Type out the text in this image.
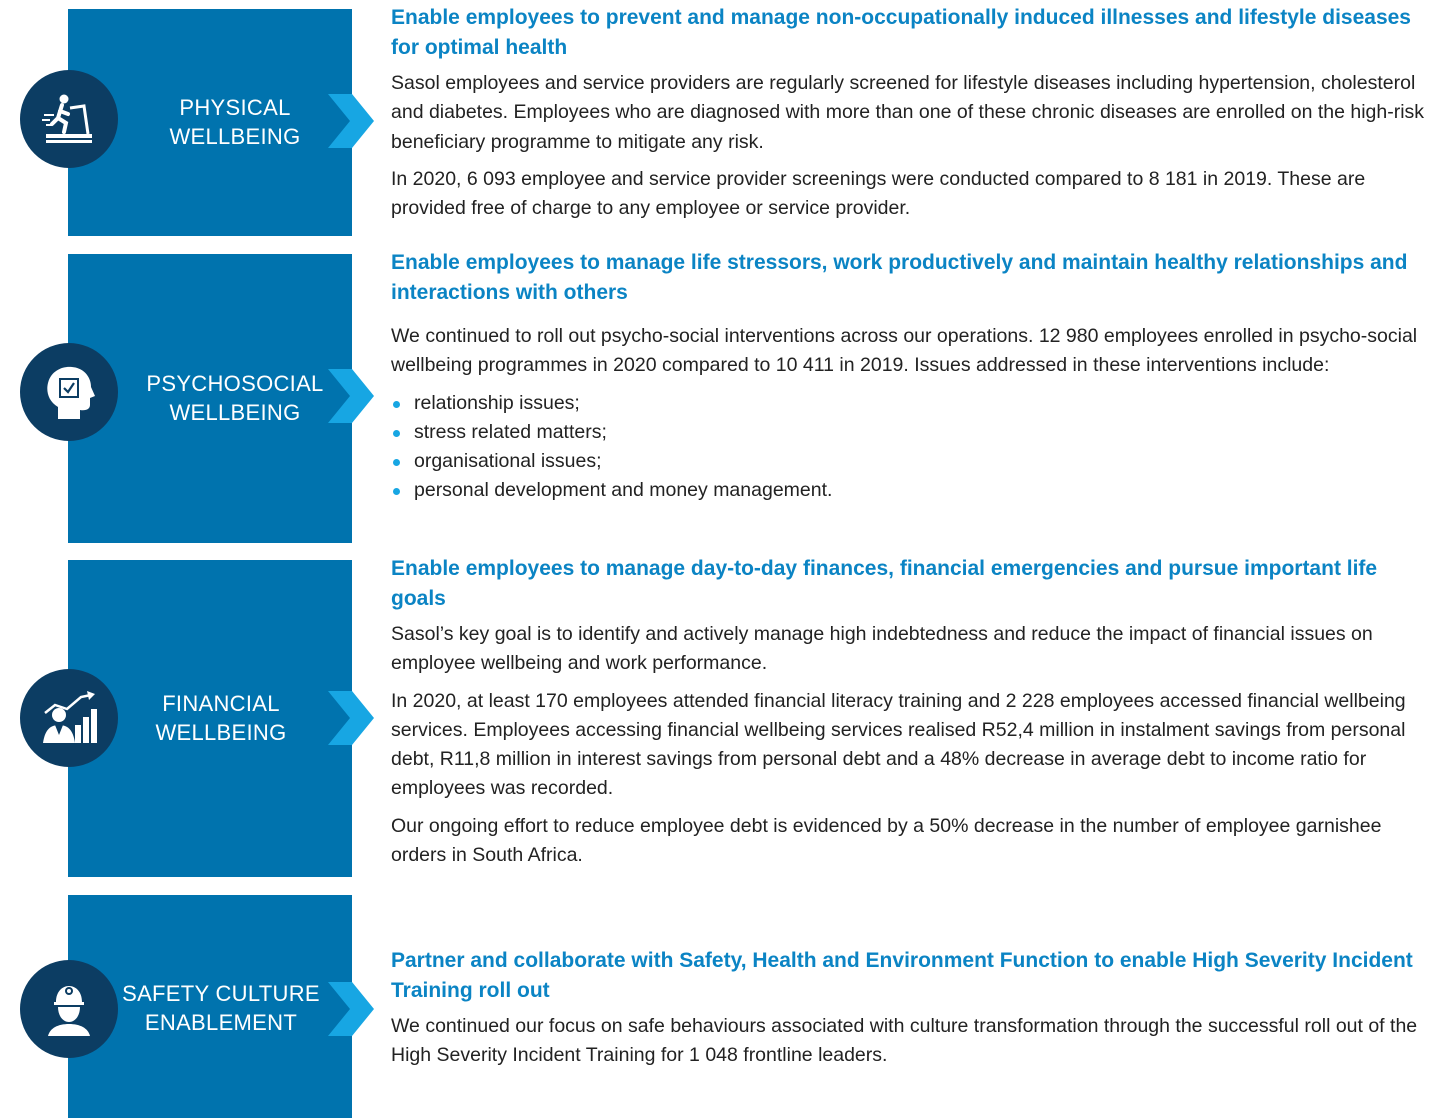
PHYSICAL
WELLBEING
Enable employees to prevent and manage non-occupationally induced illnesses and lifestyle diseases for optimal health
Sasol employees and service providers are regularly screened for lifestyle diseases including hypertension, cholesterol and diabetes. Employees who are diagnosed with more than one of these chronic diseases are enrolled on the high-risk beneficiary programme to mitigate any risk.
In 2020, 6 093 employee and service provider screenings were conducted compared to 8 181 in 2019. These are provided free of charge to any employee or service provider.
PSYCHOSOCIAL
WELLBEING
Enable employees to manage life stressors, work productively and maintain healthy relationships and interactions with others
We continued to roll out psycho-social interventions across our operations. 12 980 employees enrolled in psycho-social wellbeing programmes in 2020 compared to 10 411 in 2019. Issues addressed in these interventions include:
relationship issues;
stress related matters;
organisational issues;
personal development and money management.
FINANCIAL
WELLBEING
Enable employees to manage day-to-day finances, financial emergencies and pursue important life goals
Sasol’s key goal is to identify and actively manage high indebtedness and reduce the impact of financial issues on employee wellbeing and work performance.
In 2020, at least 170 employees attended financial literacy training and 2 228 employees accessed financial wellbeing services. Employees accessing financial wellbeing services realised R52,4 million in instalment savings from personal debt, R11,8 million in interest savings from personal debt and a 48% decrease in average debt to income ratio for employees was recorded.
Our ongoing effort to reduce employee debt is evidenced by a 50% decrease in the number of employee garnishee orders in South Africa.
SAFETY CULTURE
ENABLEMENT
Partner and collaborate with Safety, Health and Environment Function to enable High Severity Incident Training roll out
We continued our focus on safe behaviours associated with culture transformation through the successful roll out of the High Severity Incident Training for 1 048 frontline leaders.
